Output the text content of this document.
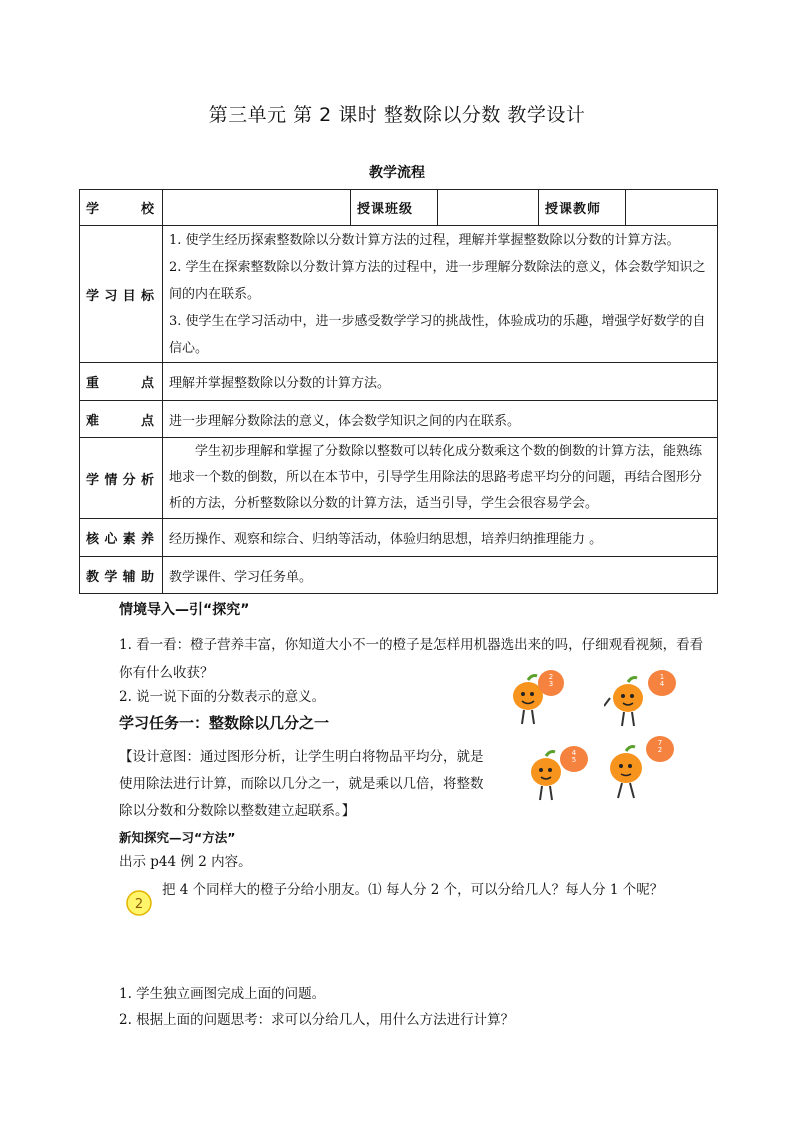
第三单元 第 2 课时 整数除以分数 教学设计
教学流程
学　校		授课班级		授课教师	
学习目标	1. 使学生经历探索整数除以分数计算方法的过程，理解并掌握整数除以分数的计算方法。

2. 学生在探索整数除以分数计算方法的过程中，进一步理解分数除法的意义，体会数学知识之间的内在联系。

3. 使学生在学习活动中，进一步感受数学学习的挑战性，体验成功的乐趣，增强学好数学的自信心。				

重　点	理解并掌握整数除以分数的计算方法。				
难　点	进一步理解分数除法的意义，体会数学知识之间的内在联系。				
学情分析	学生初步理解和掌握了分数除以整数可以转化成分数乘这个数的倒数的计算方法，能熟练地求一个数的倒数，所以在本节中，引导学生用除法的思路考虑平均分的问题，再结合图形分析的方法，分析整数除以分数的计算方法，适当引导，学生会很容易学会。				
核心素养	经历操作、观察和综合、归纳等活动，体验归纳思想，培养归纳推理能力 。				
教学辅助	教学课件、学习任务单。				
情境导入—引“探究”
1. 看一看：橙子营养丰富，你知道大小不一的橙子是怎样用机器选出来的吗，仔细观看视频，看看你有什么收获？
2. 说一说下面的分数表示的意义。
学习任务一：整数除以几分之一
【设计意图：通过图形分析，让学生明白将物品平均分，就是使用除法进行计算，而除以几分之一，就是乘以几倍，将整数除以分数和分数除以整数建立起联系。】
新知探究—习“方法”
出示 p44 例 2 内容。
2
把 4 个同样大的橙子分给小朋友。⑴ 每人分 2 个，可以分给几人？每人分 1 个呢？
1. 学生独立画图完成上面的问题。
2. 根据上面的问题思考：求可以分给几人，用什么方法进行计算？
2
3
1
4
4
5
7
2
